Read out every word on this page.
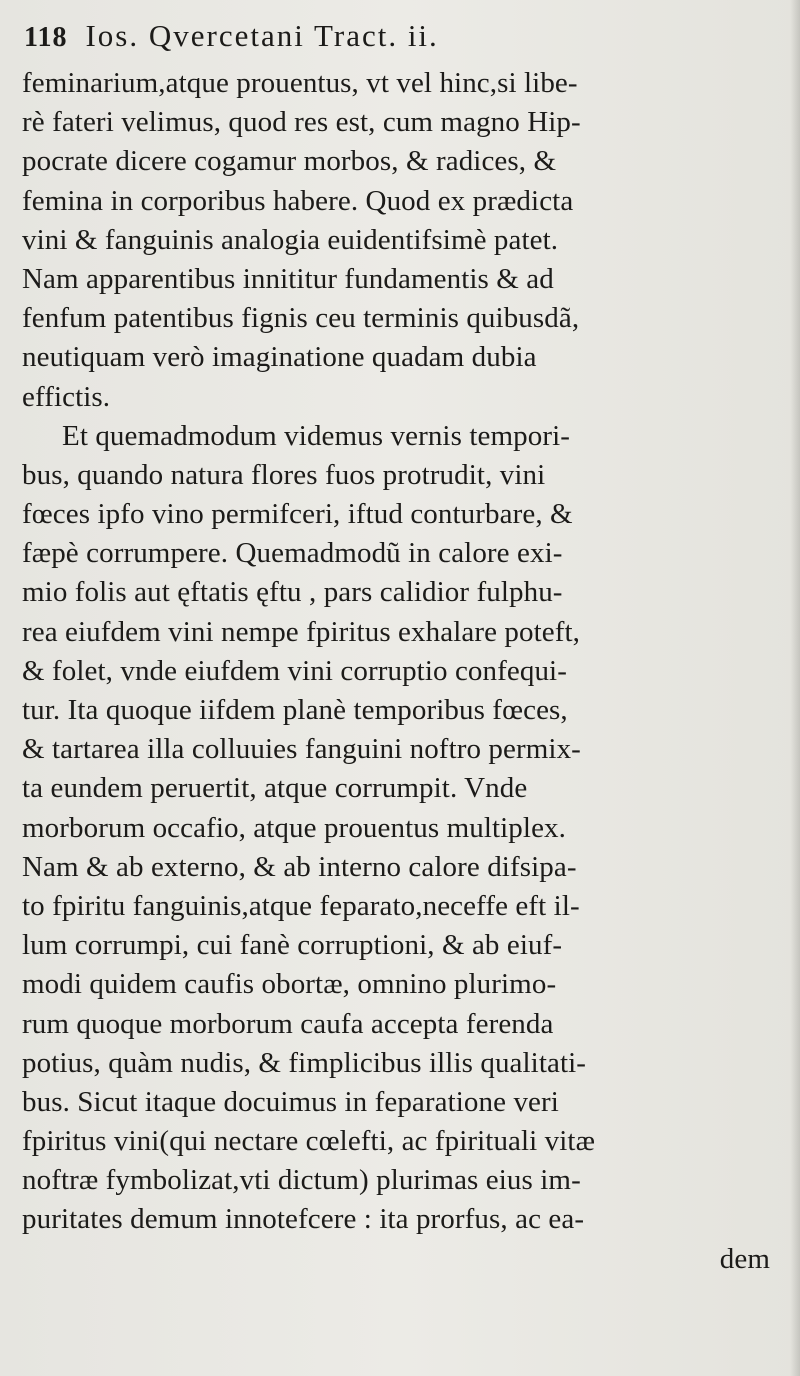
118 Ios. Qvercetani Tract. ii.
feminarium,atque prouentus, vt vel hinc,si libe-
rè fateri velimus, quod res est, cum magno Hip-
pocrate dicere cogamur morbos, & radices, &
femina in corporibus habere. Quod ex prædicta
vini & fanguinis analogia euidentifsimè patet.
Nam apparentibus innititur fundamentis & ad
fenfum patentibus fignis ceu terminis quibusdã,
neutiquam verò imaginatione quadam dubia
effictis.
Et quemadmodum videmus vernis tempori-
bus, quando natura flores fuos protrudit, vini
fœces ipfo vino permifceri, iftud conturbare, &
fæpè corrumpere. Quemadmodũ in calore exi-
mio folis aut ęftatis ęftu , pars calidior fulphu-
rea eiufdem vini nempe fpiritus exhalare poteft,
& folet, vnde eiufdem vini corruptio confequi-
tur. Ita quoque iifdem planè temporibus fœces,
& tartarea illa colluuies fanguini noftro permix-
ta eundem peruertit, atque corrumpit. Vnde
morborum occafio, atque prouentus multiplex.
Nam & ab externo, & ab interno calore difsipa-
to fpiritu fanguinis,atque feparato,neceffe eft il-
lum corrumpi, cui fanè corruptioni, & ab eiuf-
modi quidem caufis obortæ, omnino plurimo-
rum quoque morborum caufa accepta ferenda
potius, quàm nudis, & fimplicibus illis qualitati-
bus. Sicut itaque docuimus in feparatione veri
fpiritus vini(qui nectare cœlefti, ac fpirituali vitæ
noftræ fymbolizat,vti dictum) plurimas eius im-
puritates demum innotefcere : ita prorfus, ac ea-
dem
